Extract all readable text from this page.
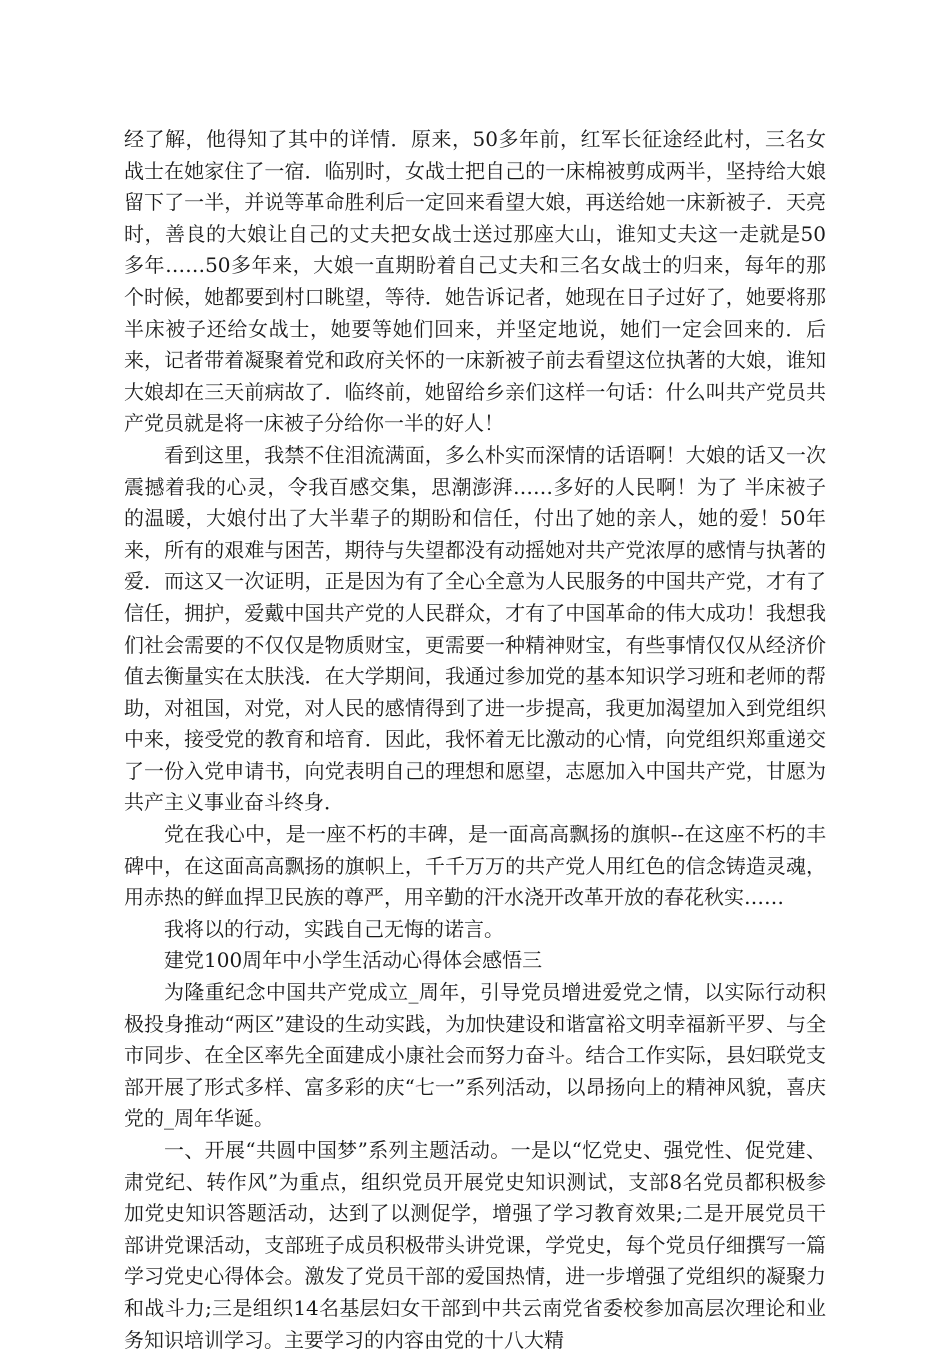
经了解，他得知了其中的详情．原来，50多年前，红军长征途经此村，三名女战士在她家住了一宿．临别时，女战士把自己的一床棉被剪成两半，坚持给大娘留下了一半，并说等革命胜利后一定回来看望大娘，再送给她一床新被子．天亮时，善良的大娘让自己的丈夫把女战士送过那座大山，谁知丈夫这一走就是50多年……50多年来，大娘一直期盼着自己丈夫和三名女战士的归来，每年的那个时候，她都要到村口眺望，等待．她告诉记者，她现在日子过好了，她要将那半床被子还给女战士，她要等她们回来，并坚定地说，她们一定会回来的．后来，记者带着凝聚着党和政府关怀的一床新被子前去看望这位执著的大娘，谁知大娘却在三天前病故了．临终前，她留给乡亲们这样一句话：什么叫共产党员共产党员就是将一床被子分给你一半的好人！

看到这里，我禁不住泪流满面，多么朴实而深情的话语啊！大娘的话又一次震撼着我的心灵，令我百感交集，思潮澎湃……多好的人民啊！为了 半床被子 的温暖，大娘付出了大半辈子的期盼和信任，付出了她的亲人，她的爱！50年来，所有的艰难与困苦，期待与失望都没有动摇她对共产党浓厚的感情与执著的爱．而这又一次证明，正是因为有了全心全意为人民服务的中国共产党，才有了信任，拥护，爱戴中国共产党的人民群众，才有了中国革命的伟大成功！我想我们社会需要的不仅仅是物质财宝，更需要一种精神财宝，有些事情仅仅从经济价值去衡量实在太肤浅．在大学期间，我通过参加党的基本知识学习班和老师的帮助，对祖国，对党，对人民的感情得到了进一步提高，我更加渴望加入到党组织中来，接受党的教育和培育．因此，我怀着无比激动的心情，向党组织郑重递交了一份入党申请书，向党表明自己的理想和愿望，志愿加入中国共产党，甘愿为共产主义事业奋斗终身．

党在我心中，是一座不朽的丰碑，是一面高高飘扬的旗帜--在这座不朽的丰碑中，在这面高高飘扬的旗帜上，千千万万的共产党人用红色的信念铸造灵魂，用赤热的鲜血捍卫民族的尊严，用辛勤的汗水浇开改革开放的春花秋实……

我将以的行动，实践自己无悔的诺言。

建党100周年中小学生活动心得体会感悟三

为隆重纪念中国共产党成立_周年，引导党员增进爱党之情，以实际行动积极投身推动“两区”建设的生动实践，为加快建设和谐富裕文明幸福新平罗、与全市同步、在全区率先全面建成小康社会而努力奋斗。结合工作实际，县妇联党支部开展了形式多样、富多彩的庆“七一”系列活动，以昂扬向上的精神风貌，喜庆党的_周年华诞。

一、开展“共圆中国梦”系列主题活动。一是以“忆党史、强党性、促党建、肃党纪、转作风”为重点，组织党员开展党史知识测试，支部8名党员都积极参加党史知识答题活动，达到了以测促学，增强了学习教育效果;二是开展党员干部讲党课活动，支部班子成员积极带头讲党课，学党史，每个党员仔细撰写一篇学习党史心得体会。激发了党员干部的爱国热情，进一步增强了党组织的凝聚力和战斗力;三是组织14名基层妇女干部到中共云南党省委校参加高层次理论和业务知识培训学习。主要学习的内容由党的十八大精
